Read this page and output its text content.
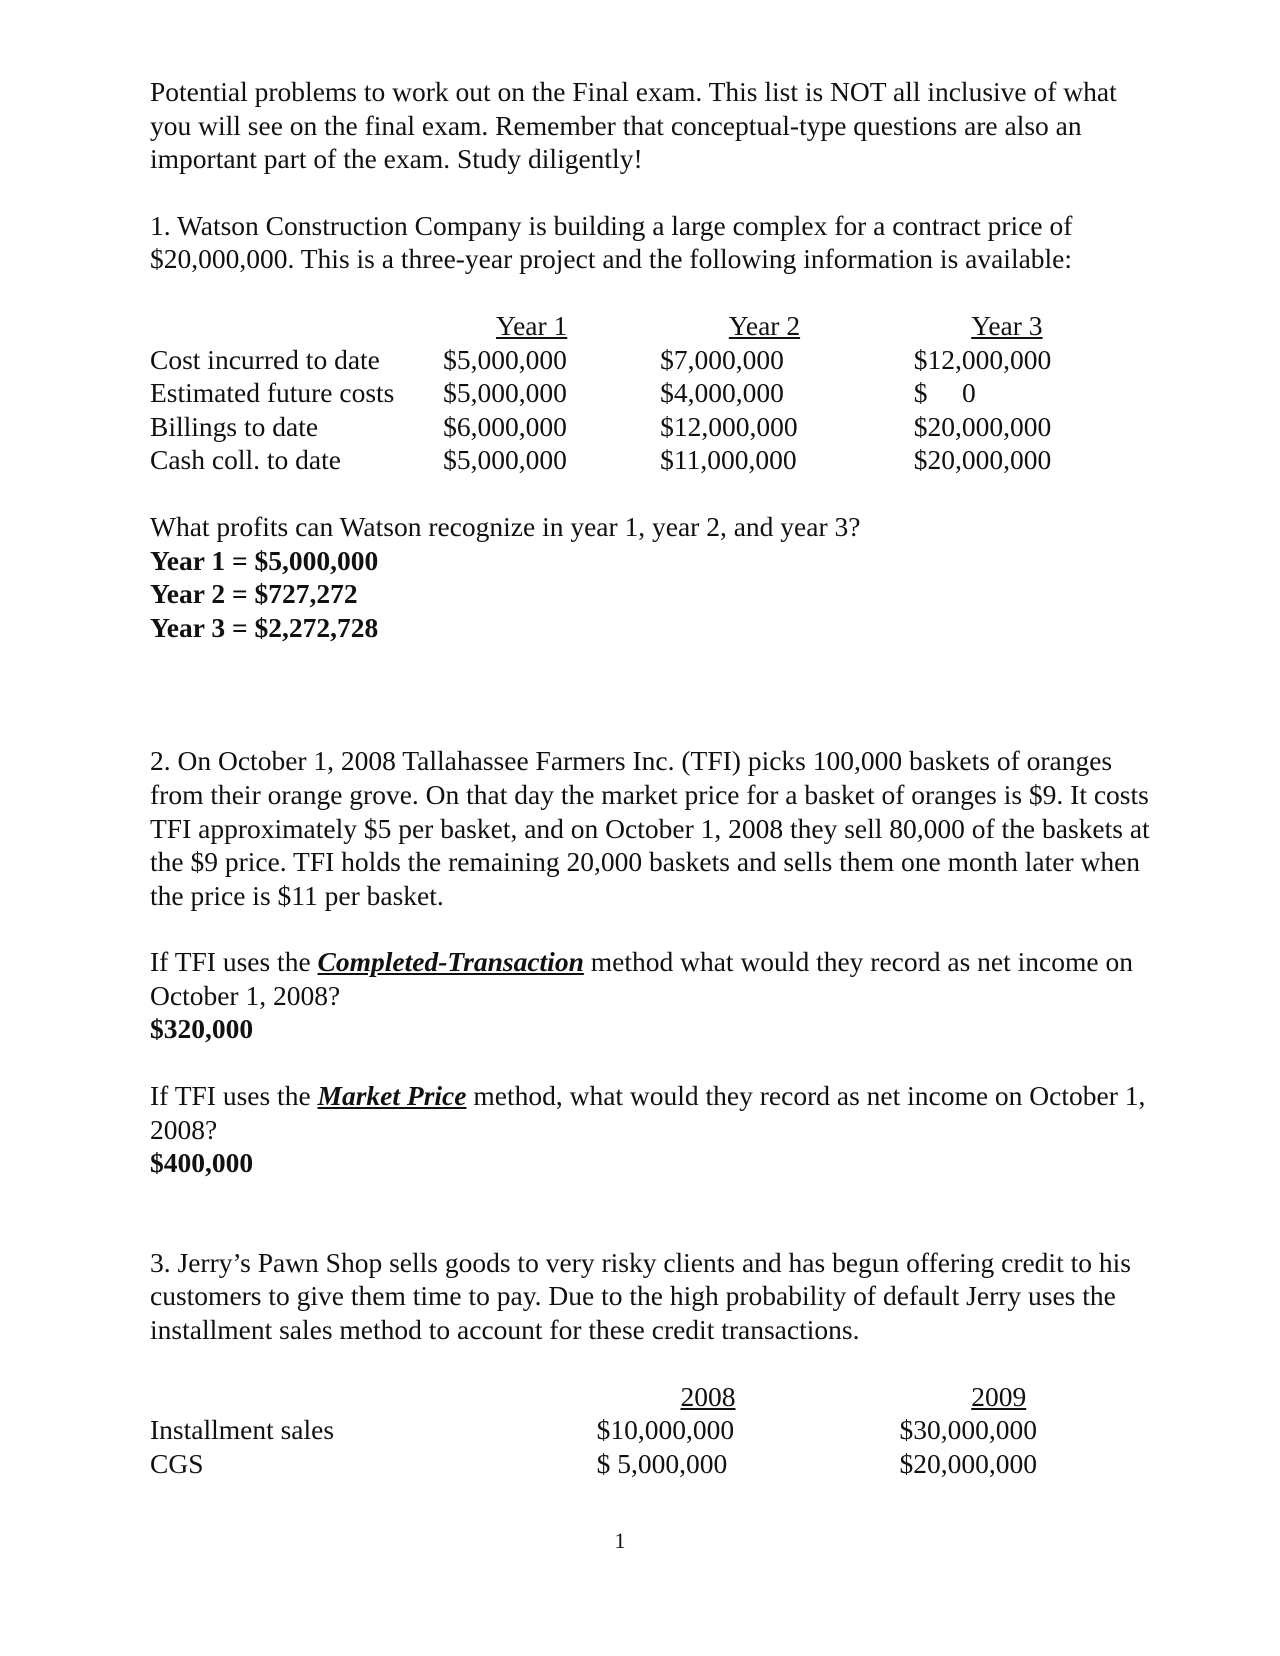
Potential problems to work out on the Final exam. This list is NOT all inclusive of what you will see on the final exam. Remember that conceptual-type questions are also an important part of the exam. Study diligently!

1. Watson Construction Company is building a large complex for a contract price of $20,000,000. This is a three-year project and the following information is available:

	Year 1	Year 2	Year 3
Cost incurred to date	$5,000,000	$7,000,000	$12,000,000
Estimated future costs	$5,000,000	$4,000,000	$ 0

Billings to date	$6,000,000	$12,000,000	$20,000,000
Cash coll. to date	$5,000,000	$11,000,000	$20,000,000

What profits can Watson recognize in year 1, year 2, and year 3?

Year 1 = $5,000,000

Year 2 = $727,272

Year 3 = $2,272,728

2. On October 1, 2008 Tallahassee Farmers Inc. (TFI) picks 100,000 baskets of oranges from their orange grove. On that day the market price for a basket of oranges is $9. It costs TFI approximately $5 per basket, and on October 1, 2008 they sell 80,000 of the baskets at the $9 price. TFI holds the remaining 20,000 baskets and sells them one month later when the price is $11 per basket.

If TFI uses the Completed-Transaction method what would they record as net income on October 1, 2008?

$320,000

If TFI uses the Market Price method, what would they record as net income on October 1, 2008?

$400,000

3. Jerry’s Pawn Shop sells goods to very risky clients and has begun offering credit to his customers to give them time to pay. Due to the high probability of default Jerry uses the installment sales method to account for these credit transactions.

	2008	2009
Installment sales	$10,000,000	$30,000,000
CGS	$ 5,000,000	$20,000,000
1
